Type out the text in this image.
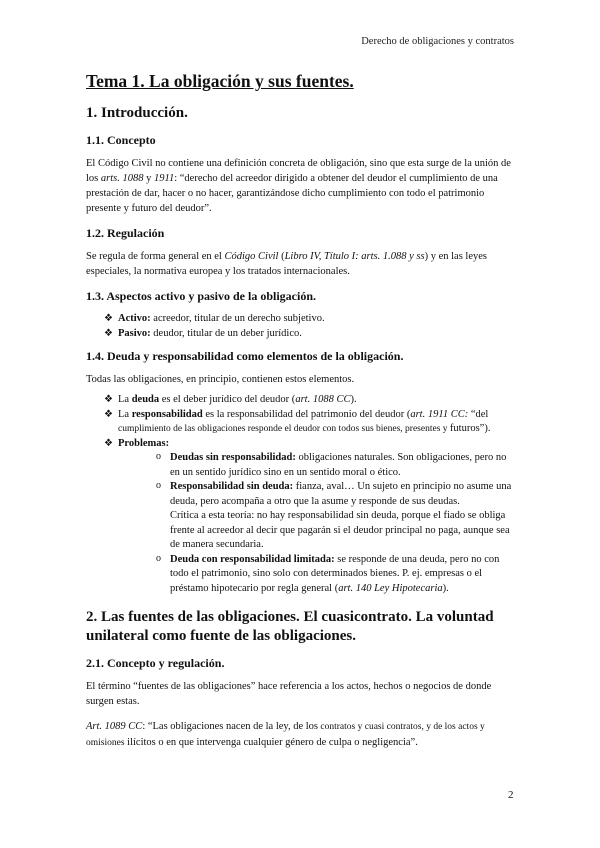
Derecho de obligaciones y contratos
Tema 1. La obligación y sus fuentes.
1. Introducción.
1.1. Concepto

El Código Civil no contiene una definición concreta de obligación, sino que esta surge de la unión de los arts. 1088 y 1911: “derecho del acreedor dirigido a obtener del deudor el cumplimiento de una prestación de dar, hacer o no hacer, garantizándose dicho cumplimiento con todo el patrimonio presente y futuro del deudor”.

1.2. Regulación

Se regula de forma general en el Código Civil (Libro IV, Título I: arts. 1.088 y ss) y en las leyes especiales, la normativa europea y los tratados internacionales.

1.3. Aspectos activo y pasivo de la obligación.
❖ Activo: acreedor, titular de un derecho subjetivo.
❖ Pasivo: deudor, titular de un deber jurídico.
1.4. Deuda y responsabilidad como elementos de la obligación.

Todas las obligaciones, en principio, contienen estos elementos.

❖ La deuda es el deber jurídico del deudor (art. 1088 CC).
❖ La responsabilidad es la responsabilidad del patrimonio del deudor (art. 1911 CC: “del cumplimiento de las obligaciones responde el deudor con todos sus bienes, presentes y futuros”).
❖ Problemas:
o Deudas sin responsabilidad: obligaciones naturales. Son obligaciones, pero no en un sentido jurídico sino en un sentido moral o ético.
o Responsabilidad sin deuda: fianza, aval… Un sujeto en principio no asume una deuda, pero acompaña a otro que la asume y responde de sus deudas.
Crítica a esta teoría: no hay responsabilidad sin deuda, porque el fiado se obliga frente al acreedor al decir que pagarán si el deudor principal no paga, aunque sea de manera secundaria.
o Deuda con responsabilidad limitada: se responde de una deuda, pero no con todo el patrimonio, sino solo con determinados bienes. P. ej. empresas o el préstamo hipotecario por regla general (art. 140 Ley Hipotecaria).
2. Las fuentes de las obligaciones. El cuasicontrato. La voluntad unilateral como fuente de las obligaciones.
2.1. Concepto y regulación.

El término “fuentes de las obligaciones” hace referencia a los actos, hechos o negocios de donde surgen estas.

Art. 1089 CC: “Las obligaciones nacen de la ley, de los contratos y cuasi contratos, y de los actos y omisiones ilícitos o en que intervenga cualquier género de culpa o negligencia”.

2
